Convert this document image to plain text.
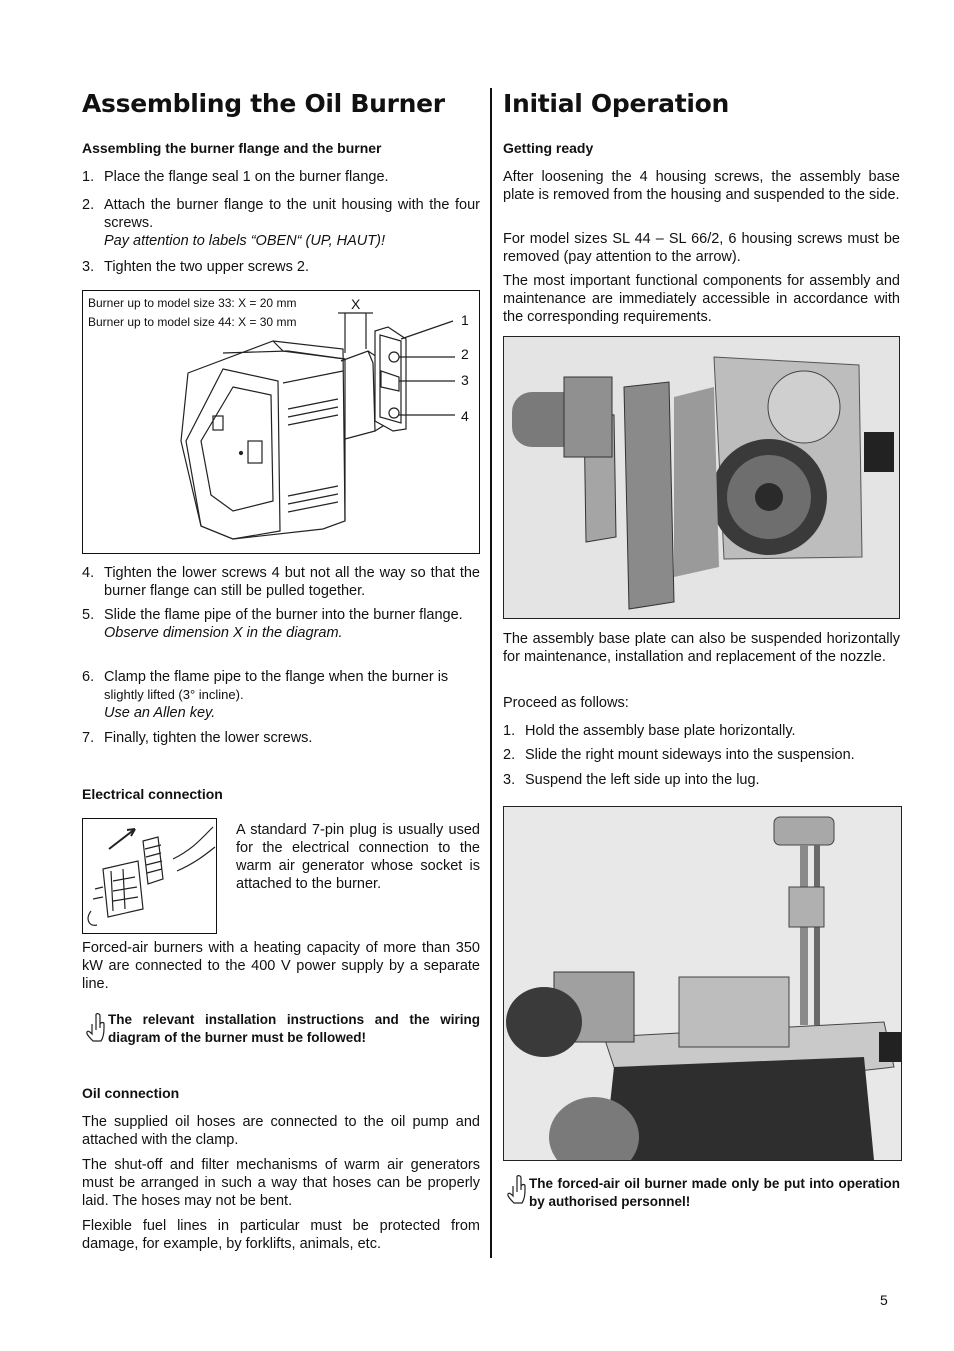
Assembling the Oil Burner
Assembling the burner flange and the burner
1. Place the flange seal 1 on the burner flange.
2. Attach the burner flange to the unit housing with the four screws.
Pay attention to labels “OBEN“ (UP, HAUT)!
3. Tighten the two upper screws 2.
Burner up to model size 33: X = 20 mm
Burner up to model size 44: X = 30 mm
X
1
2
3
4
4. Tighten the lower screws 4 but not all the way so that the burner flange can still be pulled together.
5. Slide the flame pipe of the burner into the burner flange.
Observe dimension X in the diagram.
6. Clamp the flame pipe to the flange when the burner is
slightly lifted (3° incline).
Use an Allen key.
7. Finally, tighten the lower screws.
Electrical connection
A standard 7-pin plug is usually used for the electrical connection to the warm air generator whose socket is attached to the burner.
Forced-air burners with a heating capacity of more than 350 kW are connected to the 400 V power supply by a separate line.
The relevant installation instructions and the wiring diagram of the burner must be followed!
Oil connection
The supplied oil hoses are connected to the oil pump and attached with the clamp.
The shut-off and filter mechanisms of warm air generators must be arranged in such a way that hoses can be properly laid. The hoses may not be bent.
Flexible fuel lines in particular must be protected from damage, for example, by forklifts, animals, etc.
Initial Operation
Getting ready
After loosening the 4 housing screws, the assembly base plate is removed from the housing and suspended to the side.
For model sizes SL 44 – SL 66/2, 6 housing screws must be removed (pay attention to the arrow).
The most important functional components for assembly and maintenance are immediately accessible in accordance with the corresponding requirements.
The assembly base plate can also be suspended horizontally for maintenance, installation and replacement of the nozzle.
Proceed as follows:
1. Hold the assembly base plate horizontally.
2. Slide the right mount sideways into the suspension.
3. Suspend the left side up into the lug.
The forced-air oil burner made only be put into operation by authorised personnel!
5
